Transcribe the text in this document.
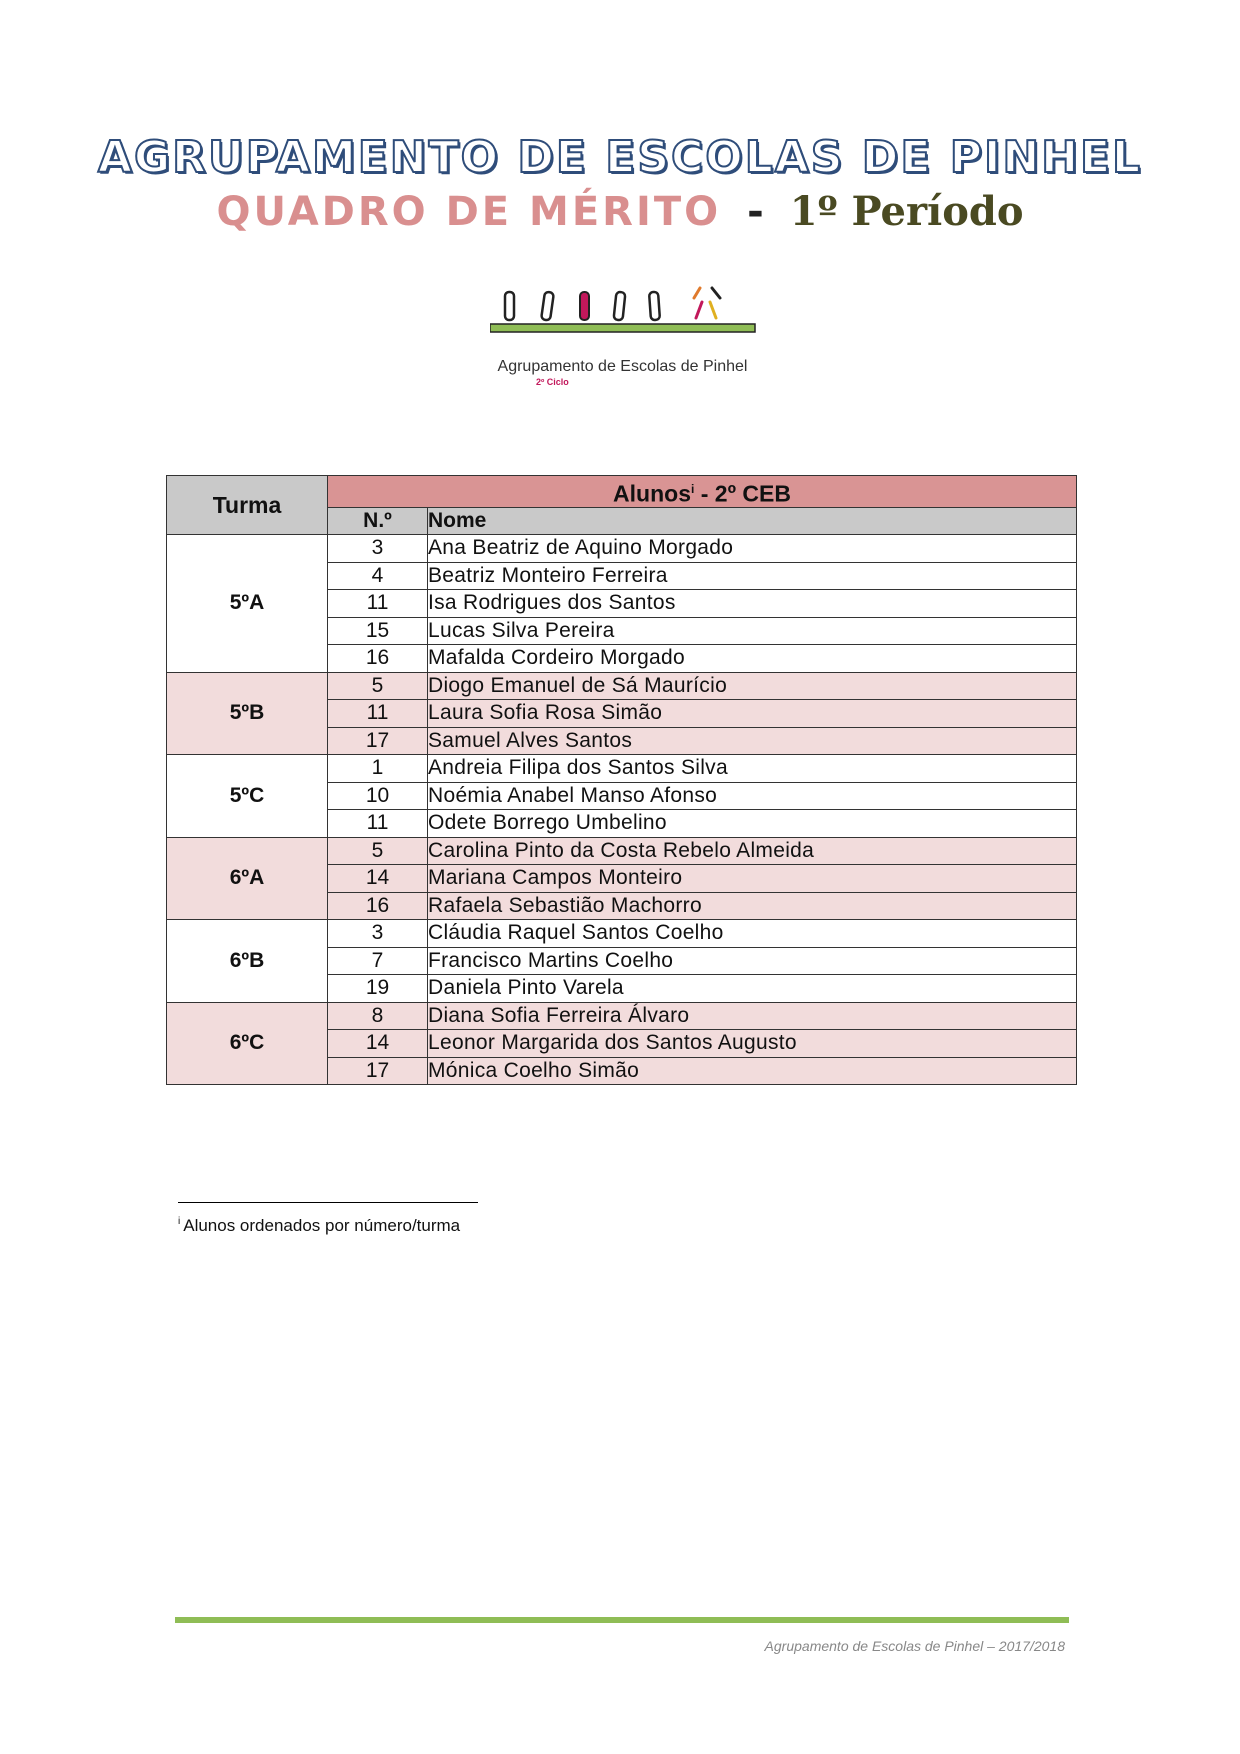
AGRUPAMENTO DE ESCOLAS DE PINHEL
QUADRO DE MÉRITO - 1º Período
Agrupamento de Escolas de Pinhel
2º Ciclo
Turma	Alunos$^i$ - 2º CEB	
	N.º	Nome
5ºA	3	Ana Beatriz de Aquino Morgado
	4	Beatriz Monteiro Ferreira
	11	Isa Rodrigues dos Santos
	15	Lucas Silva Pereira
	16	Mafalda Cordeiro Morgado
5ºB	5	Diogo Emanuel de Sá Maurício
	11	Laura Sofia Rosa Simão
	17	Samuel Alves Santos
5ºC	1	Andreia Filipa dos Santos Silva
	10	Noémia Anabel Manso Afonso
	11	Odete Borrego Umbelino
6ºA	5	Carolina Pinto da Costa Rebelo Almeida
	14	Mariana Campos Monteiro
	16	Rafaela Sebastião Machorro
6ºB	3	Cláudia Raquel Santos Coelho
	7	Francisco Martins Coelho
	19	Daniela Pinto Varela
6ºC	8	Diana Sofia Ferreira Álvaro
	14	Leonor Margarida dos Santos Augusto
	17	Mónica Coelho Simão
$^i$ Alunos ordenados por número/turma
Agrupamento de Escolas de Pinhel – 2017/2018
